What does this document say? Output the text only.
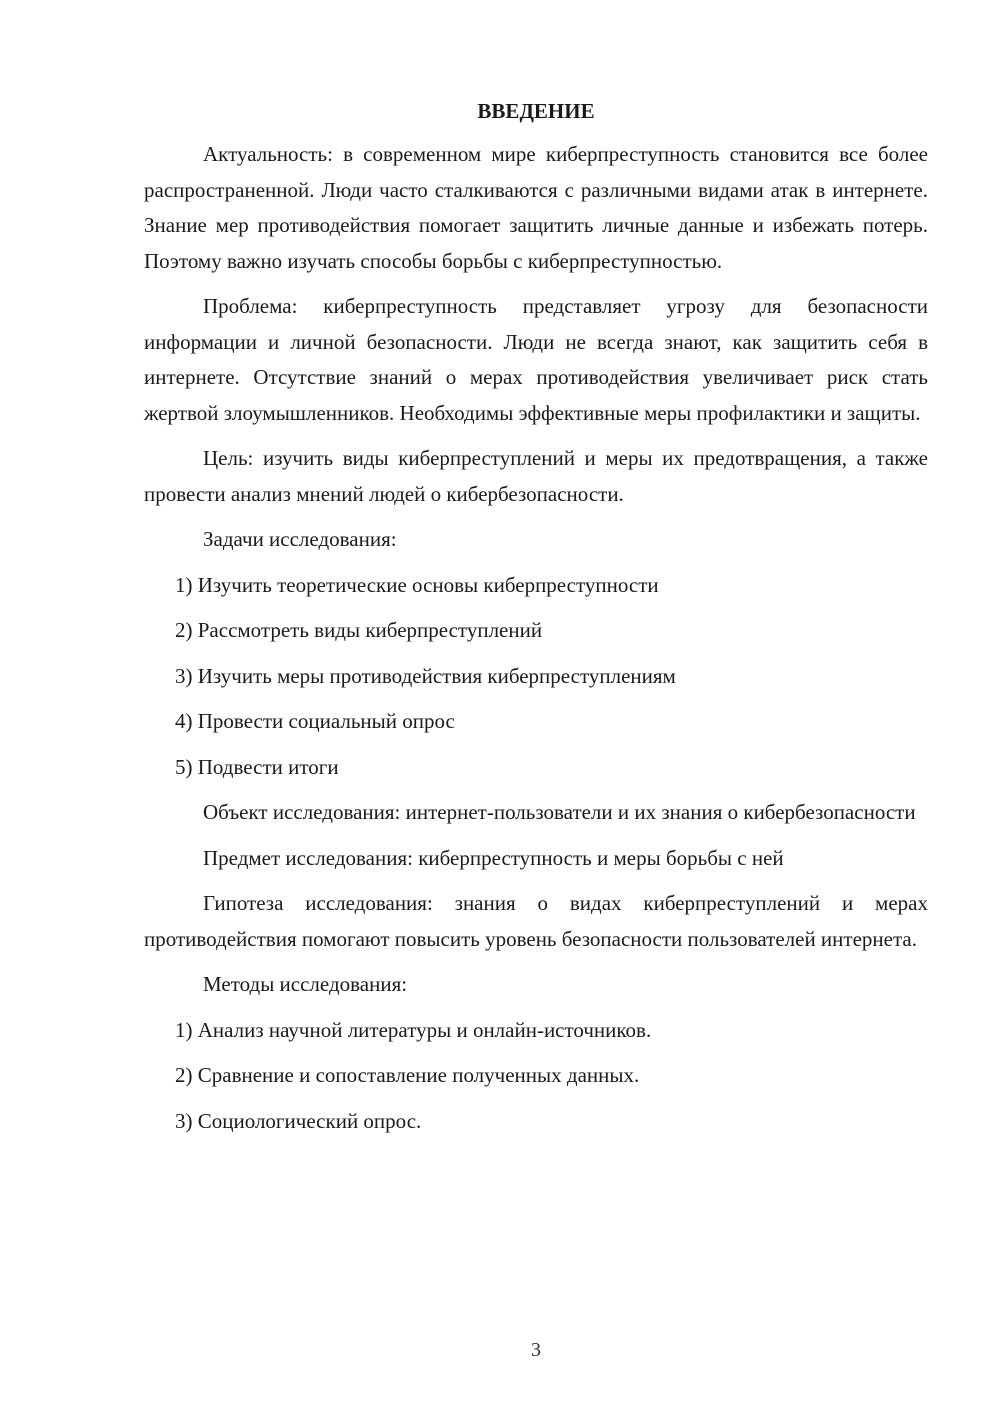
ВВЕДЕНИЕ

Актуальность: в современном мире киберпреступность становится все более распространенной. Люди часто сталкиваются с различными видами атак в интернете. Знание мер противодействия помогает защитить личные данные и избежать потерь. Поэтому важно изучать способы борьбы с киберпреступностью.

Проблема: киберпреступность представляет угрозу для безопасности информации и личной безопасности. Люди не всегда знают, как защитить себя в интернете. Отсутствие знаний о мерах противодействия увеличивает риск стать жертвой злоумышленников. Необходимы эффективные меры профилактики и защиты.

Цель: изучить виды киберпреступлений и меры их предотвращения, а также провести анализ мнений людей о кибербезопасности.

Задачи исследования:

1) Изучить теоретические основы киберпреступности
2) Рассмотреть виды киберпреступлений
3) Изучить меры противодействия киберпреступлениям
4) Провести социальный опрос
5) Подвести итоги

Объект исследования: интернет-пользователи и их знания о кибербезопасности

Предмет исследования: киберпреступность и меры борьбы с ней

Гипотеза исследования: знания о видах киберпреступлений и мерах противодействия помогают повысить уровень безопасности пользователей интернета.

Методы исследования:

1) Анализ научной литературы и онлайн-источников.
2) Сравнение и сопоставление полученных данных.
3) Социологический опрос.
3
